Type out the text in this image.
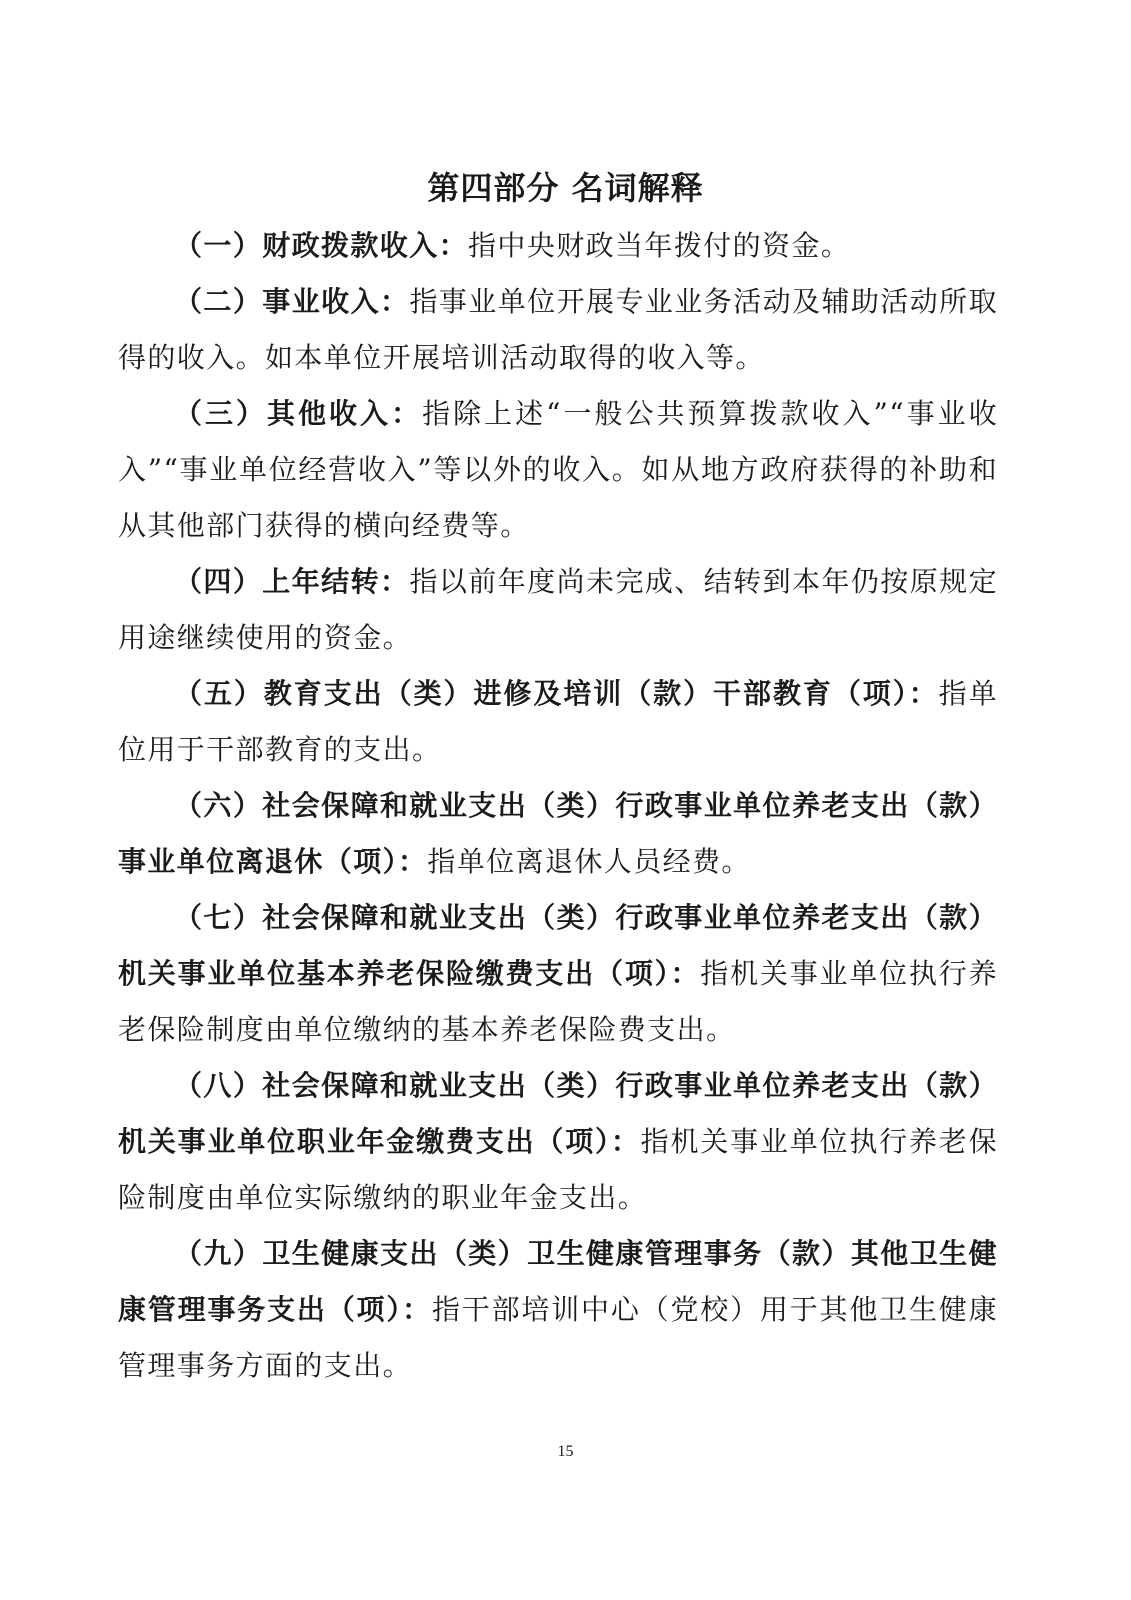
第四部分 名词解释

（一）财政拨款收入：指中央财政当年拨付的资金。

（二）事业收入：指事业单位开展专业业务活动及辅助活动所取得的收入。如本单位开展培训活动取得的收入等。

（三）其他收入：指除上述“一般公共预算拨款收入”“事业收入”“事业单位经营收入”等以外的收入。如从地方政府获得的补助和从其他部门获得的横向经费等。

（四）上年结转：指以前年度尚未完成、结转到本年仍按原规定用途继续使用的资金。

（五）教育支出（类）进修及培训（款）干部教育（项）：指单位用于干部教育的支出。

（六）社会保障和就业支出（类）行政事业单位养老支出（款）事业单位离退休（项）：指单位离退休人员经费。

（七）社会保障和就业支出（类）行政事业单位养老支出（款）机关事业单位基本养老保险缴费支出（项）：指机关事业单位执行养老保险制度由单位缴纳的基本养老保险费支出。

（八）社会保障和就业支出（类）行政事业单位养老支出（款）机关事业单位职业年金缴费支出（项）：指机关事业单位执行养老保险制度由单位实际缴纳的职业年金支出。

（九）卫生健康支出（类）卫生健康管理事务（款）其他卫生健康管理事务支出（项）：指干部培训中心（党校）用于其他卫生健康管理事务方面的支出。

15
